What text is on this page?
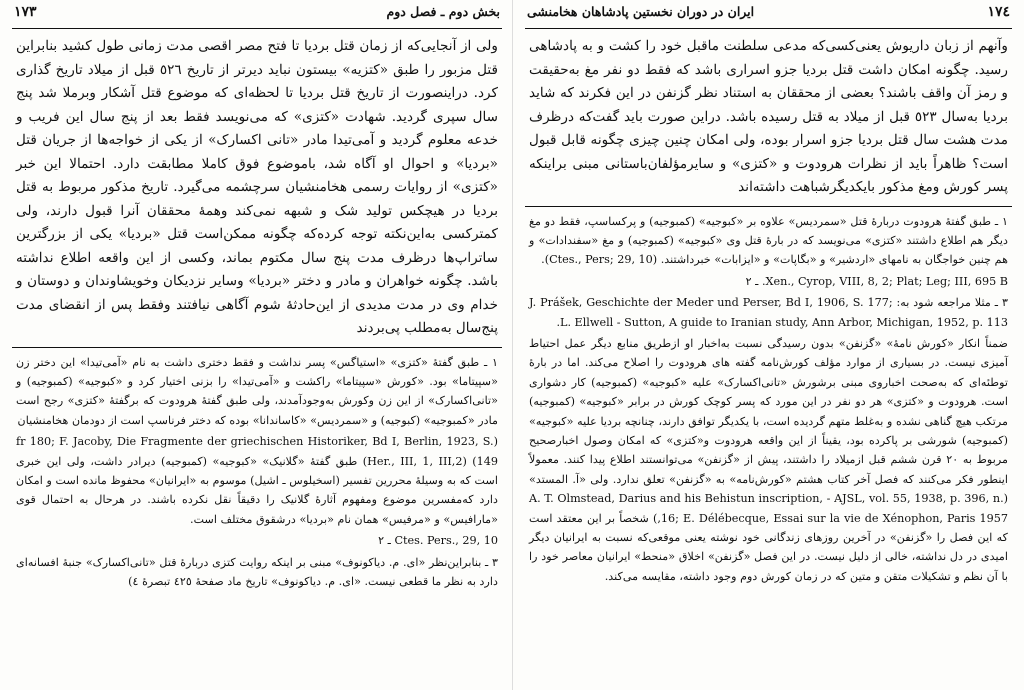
١٧٣	بخش دوم ـ فصل دوم

ولی از آنجایی‌که از زمان قتل بردیا تا فتح مصر اقصی مدت زمانی طول کشید بنابراین قتل مزبور را طبق «کتزیه» بیستون نباید دیرتر از تاریخ ٥٢٦ قبل از میلاد تاریخ گذاری کرد. دراینصورت از تاریخ قتل بردیا تا لحظه‌ای که موضوع قتل آشکار وبرملا شد پنج سال سپری گردید. شهادت «کتزی» که می‌نویسد فقط بعد از پنج سال این فریب و خدعه معلوم گردید و آمی‌تیدا مادر «تانی اکسارک» از یکی از خواجه‌ها از جریان قتل «بردیا» و احوال او آگاه شد، باموضوع فوق کاملا مطابقت دارد. احتمالا این خبر «کتزی» از روایات رسمی هخامنشیان سرچشمه می‌گیرد. تاریخ مذکور مربوط به قتل بردیا در هیچکس تولید شک و شبهه نمی‌کند وهمهٔ محققان آنرا قبول دارند، ولی کمترکسی به‌این‌نکته توجه کرده‌که چگونه ممکن‌است قتل «بردیا» یکی از بزرگترین ساتراپ‌ها درظرف مدت پنج سال مکتوم بماند، وکسی از این واقعه اطلاع نداشته باشد. چگونه خواهران و مادر و دختر «بردیا» وسایر نزدیکان وخویشاوندان و دوستان و خدام وی در مدت مدیدی از این‌حادثهٔ شوم آگاهی نیافتند وفقط پس از انقضای مدت پنج‌سال به‌مطلب پی‌بردند

١ ـ طبق گفتهٔ «کتزی» «استیاگس» پسر نداشت و فقط دختری داشت به نام «آمی‌تیدا» این دختر زن «سپیتاما» بود. «کورش «سپیتاما» راکشت و «آمی‌تیدا» را بزنی اختیار کرد و «کبوجیه» (کمبوجیه) و «تانی‌اکسارک» از این زن وکورش به‌وجودآمدند، ولی طبق گفتهٔ هرودوت که برگفتهٔ «کتزی» رجح است مادر «کمبوجیه» (کبوجیه) و «سمردیس» «کاساندانا» بوده که دختر فرناسپ است از دودمان هخامنشیان

(fr 180; F. Jacoby, Die Fragmente der griechischen Historiker, Bd I, Berlin, 1923, S. 149) (Her., III, 1, III,2) طبق گفتهٔ «گلانیک» «کبوجیه» (کمبوجیه) دیرادر داشت، ولی این خبری است که به وسیلهٔ محررین تفسیر (اسخیلوس ـ اشیل) موسوم به «ایرانیان» محفوظ مانده است و امکان دارد که‌مفسرین موضوع ومفهوم آثارهٔ گلانیک را دقیقاً نقل نکرده باشند. در هرحال به احتمال قوی «مارافیس» و «مرفیس» همان نام «بردیا» درشقوق مختلف است.

Ctes. Pers., 29, 10 ـ ٢

٣ ـ بنابراین‌نظر «ای. م. دیاکونوف» مبنی بر اینکه روایت کتزی دربارهٔ قتل «تانی‌اکسارک» جنبهٔ افسانه‌ای دارد به نظر ما قطعی نیست. «ای. م. دیاکونوف» تاریخ ماد صفحهٔ ٤٢٥ تبصرهٔ ٤)

ایران در دوران نخستین پادشاهان هخامنشی	١٧٤

وآنهم از زبان داریوش یعنی‌کسی‌که مدعی سلطنت ماقبل خود را کشت و به پادشاهی رسید. چگونه امکان داشت قتل بردیا جزو اسراری باشد که فقط دو نفر مغ به‌حقیقت و رمز آن واقف باشند؟ بعضی از محققان به استناد نظر گزنفن در این فکرند که شاید بردیا به‌سال ٥٢٣ قبل از میلاد به قتل رسیده باشد. دراین صورت باید گفت‌که درظرف مدت هشت سال قتل بردیا جزو اسرار بوده، ولی امکان چنین چیزی چگونه قابل قبول است؟ ظاهراً باید از نظرات هرودوت و «کتزی» و سایرمؤلفان‌باستانی مبنی براینکه پسر کورش ومغ مذکور بایکدیگرشباهت داشته‌اند

١ ـ طبق گفتهٔ هرودوت دربارهٔ قتل «سمردیس» علاوه بر «کبوجیه» (کمبوجیه) و پرکساسپ، فقط دو مغ دیگر هم اطلاع داشتند «کتزی» می‌نویسد که در بارهٔ قتل وی «کبوجیه» (کمبوجیه) و مغ «سفندادات» و هم چنین خواجگان به نامهای «اردشیر» و «بگاپات» و «ایزابات» خبرداشتند. (Ctes., Pers; 29, 10).

Xen., Cyrop, VIII, 8, 2; Plat; Leg; III, 695 B. ـ ٢

٣ ـ مثلا مراجعه شود به: J. Prášek, Geschichte der Meder und Perser, Bd I, 1906, S. 177; L. Ellwell - Sutton, A guide to Iranian study, Ann Arbor, Michigan, 1952, p. 113.

ضمناً انکار «کورش نامهٔ» «گزنفن» بدون رسیدگی نسبت به‌اخبار او ازطریق منابع دیگر عمل احتیاط آمیزی نیست. در بسیاری از موارد مؤلف کورش‌نامه گفته های هرودوت را اصلاح می‌کند. اما در بارهٔ توطئه‌ای که به‌صحت اخباروی مبنی برشورش «تانی‌اکسارک» علیه «کبوجیه» (کمبوجیه) کار دشواری است. هرودوت و «کتزی» هر دو نفر در این مورد که پسر کوچک کورش در برابر «کبوجیه» (کمبوجیه) مرتکب هیچ گناهی نشده و به‌غلط متهم گردیده است، با یکدیگر توافق دارند، چنانچه بردیا علیه «کبوجیه» (کمبوجیه) شورشی بر پاکرده بود، یقیناً از این واقعه هرودوت و«کتزی» که امکان وصول اخبارصحیح مربوط به ٢٠ قرن ششم قبل ازمیلاد را داشتند، پیش از «گزنفن» می‌توانستند اطلاع پیدا کنند. معمولاً اینطور فکر می‌کنند که فصل آخر کتاب هشتم «کورش‌نامه» به «گزنفن» تعلق ندارد. ولی «آ. المستد» (A. T. Olmstead, Darius and his Behistun inscription, - AJSL, vol. 55, 1938, p. 396, n. 16; E. Délébecque, Essai sur la vie de Xénophon, Paris 1957,) شخصاً بر این معتقد است که این فصل را «گزنفن» در آخرین روزهای زندگانی خود نوشته یعنی موقعی‌که نسبت به ایرانیان دیگر امیدی در دل نداشته، خالی از دلیل نیست. در این فصل «گزنفن» اخلاق «منحط» ایرانیان معاصر خود را با آن نظم و تشکیلات متقن و متین که در زمان کورش دوم وجود داشته، مقایسه می‌کند.
